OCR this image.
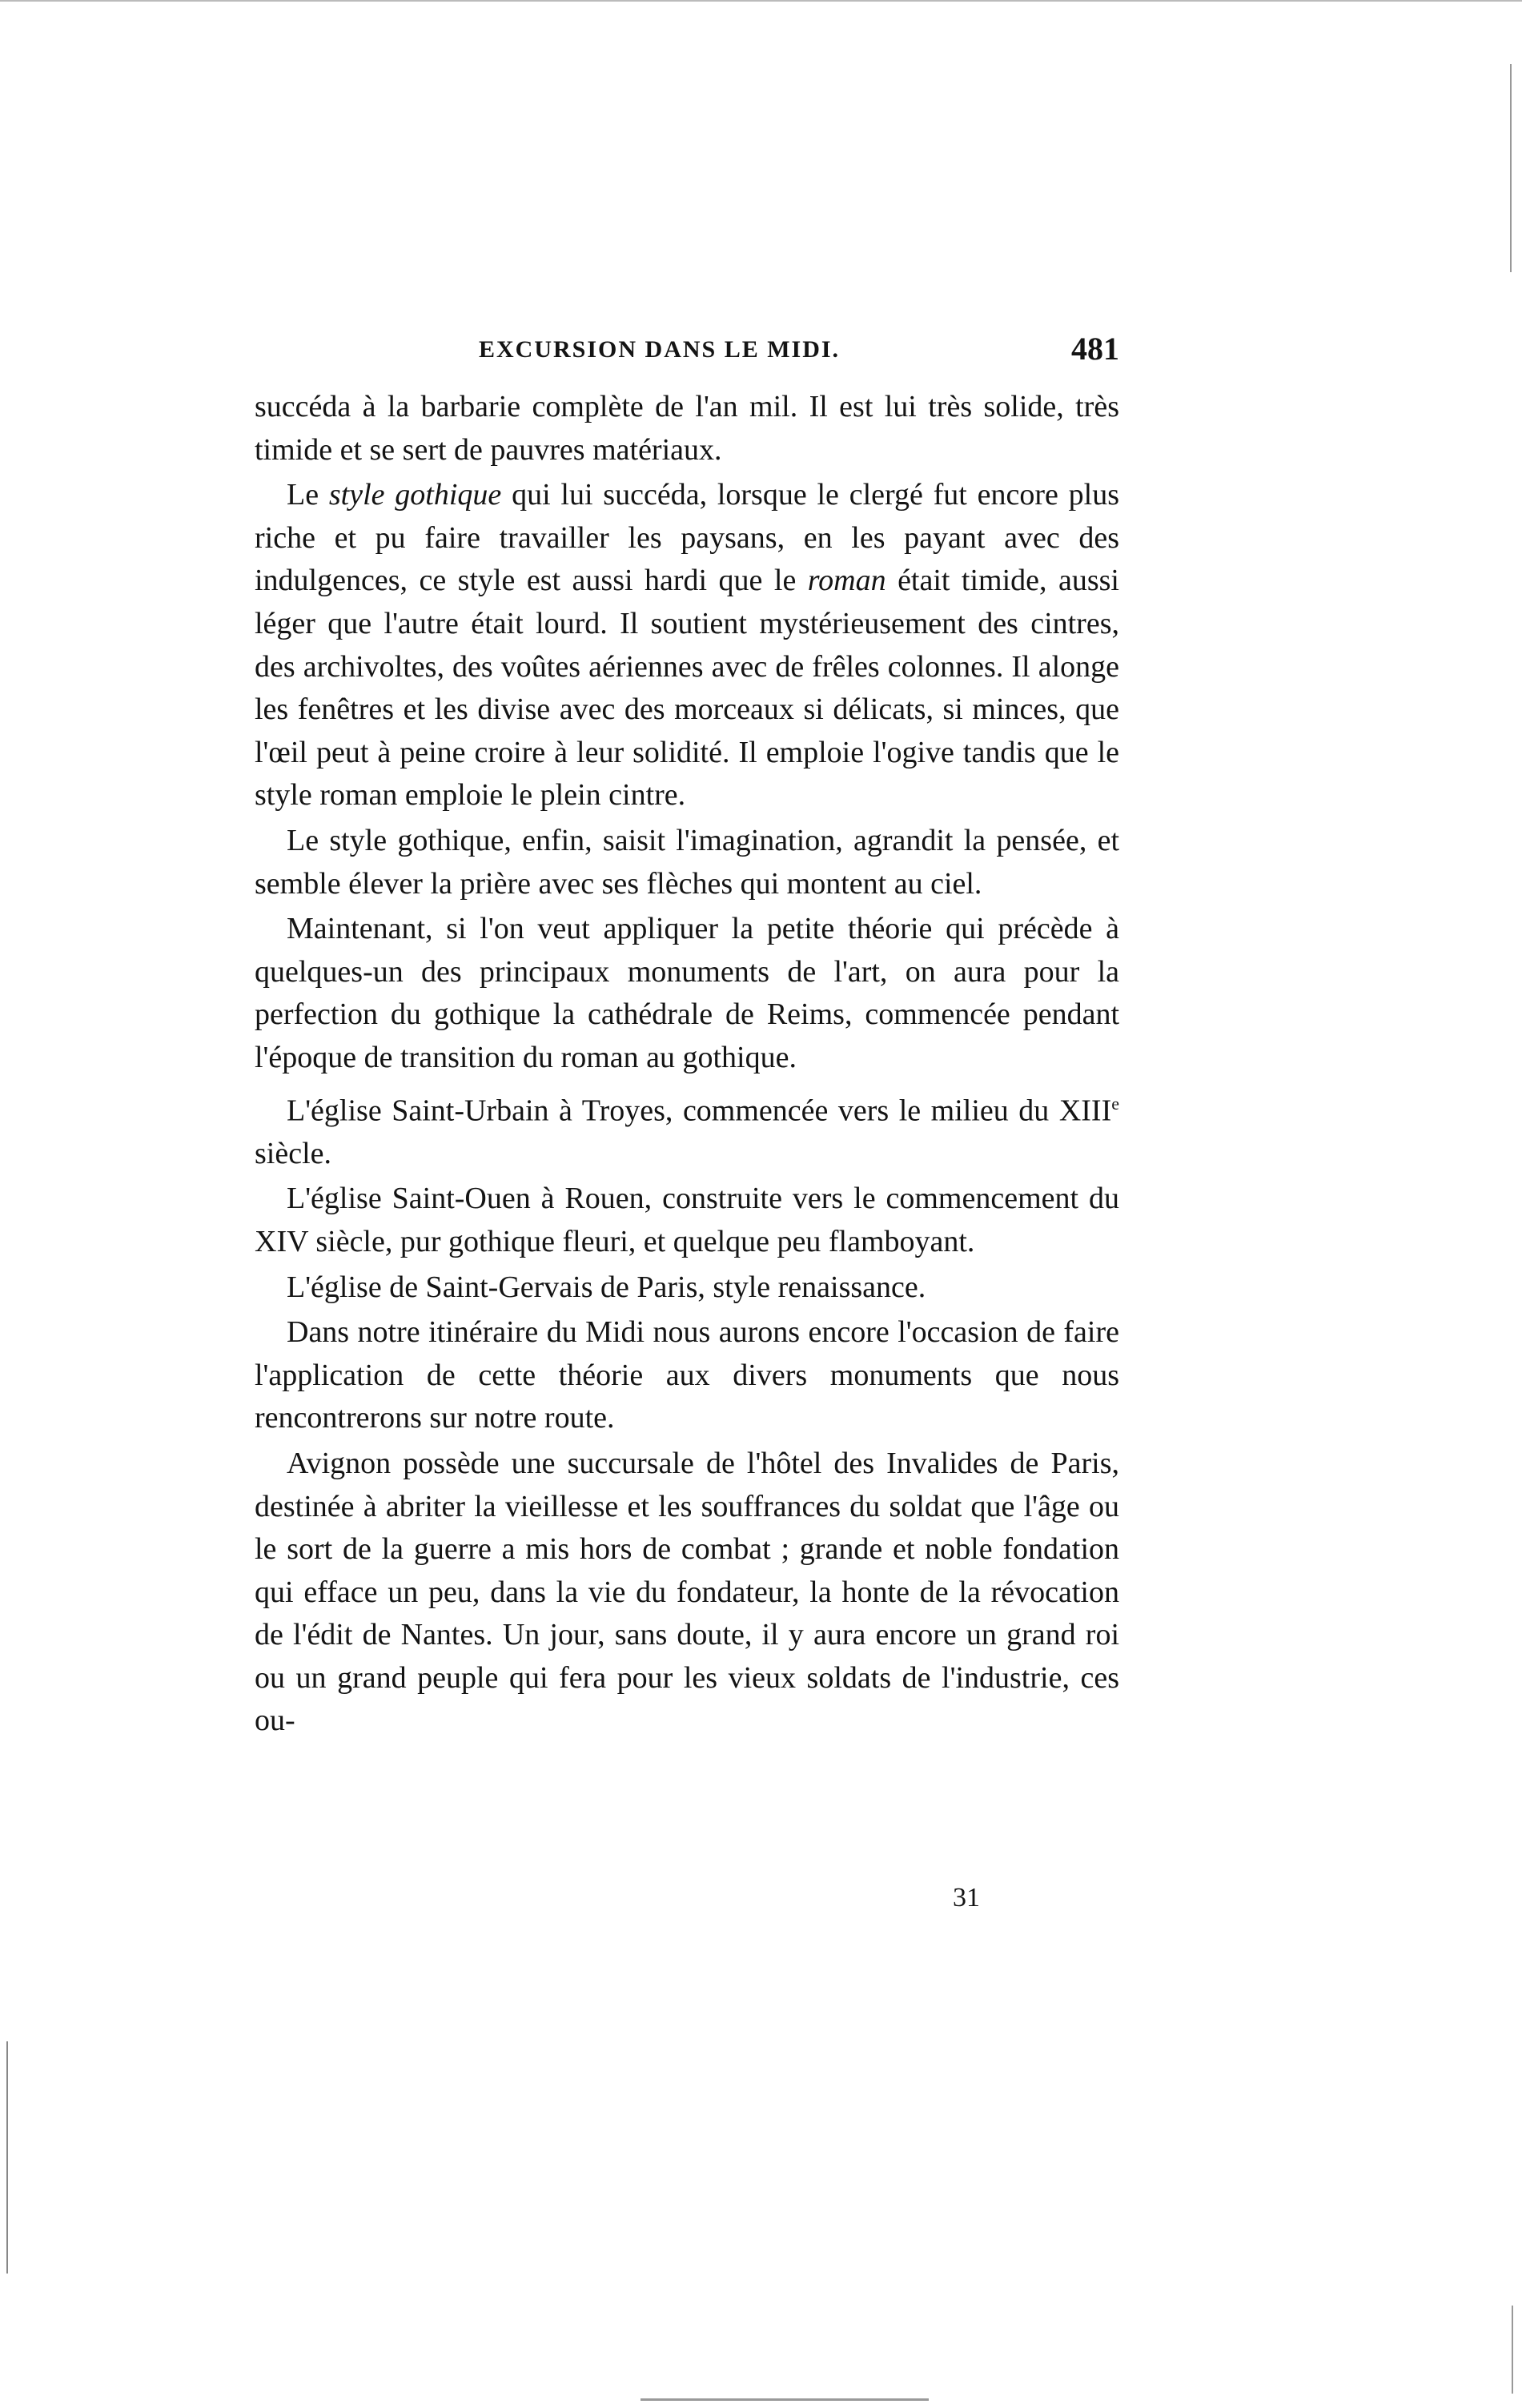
EXCURSION DANS LE MIDI.	481

succéda à la barbarie complète de l'an mil. Il est lui très solide, très timide et se sert de pauvres matériaux.

Le style gothique qui lui succéda, lorsque le clergé fut encore plus riche et pu faire travailler les paysans, en les payant avec des indulgences, ce style est aussi hardi que le roman était timide, aussi léger que l'autre était lourd. Il soutient mystérieusement des cintres, des archivoltes, des voûtes aériennes avec de frêles colonnes. Il alonge les fenêtres et les divise avec des morceaux si délicats, si minces, que l'œil peut à peine croire à leur solidité. Il emploie l'ogive tandis que le style roman emploie le plein cintre.

Le style gothique, enfin, saisit l'imagination, agrandit la pensée, et semble élever la prière avec ses flèches qui montent au ciel.

Maintenant, si l'on veut appliquer la petite théorie qui précède à quelques-un des principaux monuments de l'art, on aura pour la perfection du gothique la cathédrale de Reims, commencée pendant l'époque de transition du roman au gothique.

L'église Saint-Urbain à Troyes, commencée vers le milieu du XIIIe siècle.

L'église Saint-Ouen à Rouen, construite vers le commencement du XIV siècle, pur gothique fleuri, et quelque peu flamboyant.

L'église de Saint-Gervais de Paris, style renaissance.

Dans notre itinéraire du Midi nous aurons encore l'occasion de faire l'application de cette théorie aux divers monuments que nous rencontrerons sur notre route.

Avignon possède une succursale de l'hôtel des Invalides de Paris, destinée à abriter la vieillesse et les souffrances du soldat que l'âge ou le sort de la guerre a mis hors de combat ; grande et noble fondation qui efface un peu, dans la vie du fondateur, la honte de la révocation de l'édit de Nantes. Un jour, sans doute, il y aura encore un grand roi ou un grand peuple qui fera pour les vieux soldats de l'industrie, ces ou-

31
